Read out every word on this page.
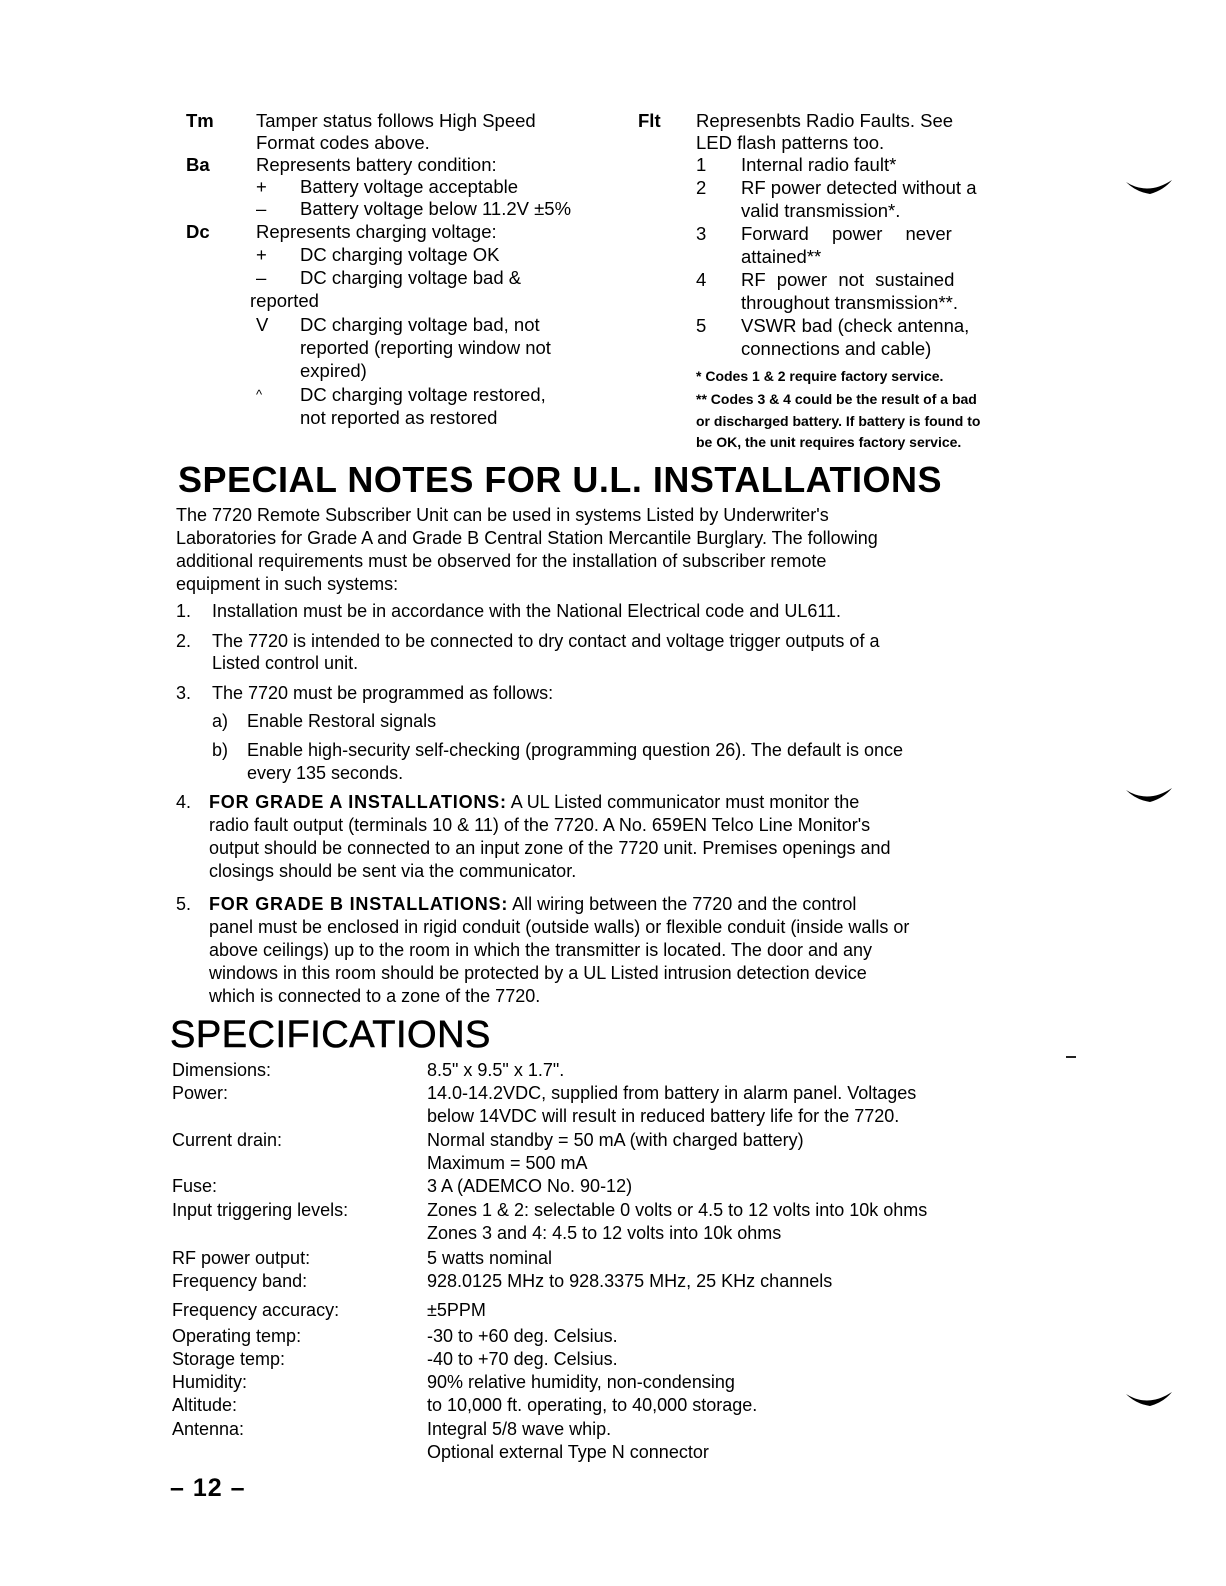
Tm Tamper status follows High Speed
Format codes above.
Ba	Represents battery condition:
+ Battery voltage acceptable
– Battery voltage below 11.2V ±5%
Dc	Represents charging voltage:
+ DC charging voltage OK
– DC charging voltage bad &
reported
V DC charging voltage bad, not
reported (reporting window not
expired)
^ DC charging voltage restored,
not reported as restored
Flt Represenbts Radio Faults. See
LED flash patterns too.
1 Internal radio fault*
2 RF power detected without a
valid transmission*.
3 Forward power never
attained**
4 RF power not sustained
throughout transmission**.
5 VSWR bad (check antenna,
connections and cable)
* Codes 1 & 2 require factory service.
** Codes 3 & 4 could be the result of a bad
or discharged battery. If battery is found to
be OK, the unit requires factory service.
SPECIAL NOTES FOR U.L. INSTALLATIONS
The 7720 Remote Subscriber Unit can be used in systems Listed by Underwriter's
Laboratories for Grade A and Grade B Central Station Mercantile Burglary. The following
additional requirements must be observed for the installation of subscriber remote
equipment in such systems:
1. Installation must be in accordance with the National Electrical code and UL611.
2. The 7720 is intended to be connected to dry contact and voltage trigger outputs of a
Listed control unit.
3. The 7720 must be programmed as follows:
a) Enable Restoral signals
b) Enable high-security self-checking (programming question 26). The default is once
every 135 seconds.
4. FOR GRADE A INSTALLATIONS: A UL Listed communicator must monitor the
radio fault output (terminals 10 & 11) of the 7720. A No. 659EN Telco Line Monitor's
output should be connected to an input zone of the 7720 unit. Premises openings and
closings should be sent via the communicator.
5. FOR GRADE B INSTALLATIONS: All wiring between the 7720 and the control
panel must be enclosed in rigid conduit (outside walls) or flexible conduit (inside walls or
above ceilings) up to the room in which the transmitter is located. The door and any
windows in this room should be protected by a UL Listed intrusion detection device
which is connected to a zone of the 7720.
SPECIFICATIONS
Dimensions:	8.5" x 9.5" x 1.7".
Power:	14.0-14.2VDC, supplied from battery in alarm panel. Voltages
below 14VDC will result in reduced battery life for the 7720.
Current drain:	Normal standby = 50 mA (with charged battery)
Maximum = 500 mA
Fuse:	3 A (ADEMCO No. 90-12)
Input triggering levels:	Zones 1 & 2: selectable 0 volts or 4.5 to 12 volts into 10k ohms
Zones 3 and 4: 4.5 to 12 volts into 10k ohms
RF power output:	5 watts nominal
Frequency band:	928.0125 MHz to 928.3375 MHz, 25 KHz channels
Frequency accuracy:	±5PPM
Operating temp:	-30 to +60 deg. Celsius.
Storage temp:	-40 to +70 deg. Celsius.
Humidity:	90% relative humidity, non-condensing
Altitude:	to 10,000 ft. operating, to 40,000 storage.
Antenna:	Integral 5/8 wave whip.
Optional external Type N connector
– 12 –
